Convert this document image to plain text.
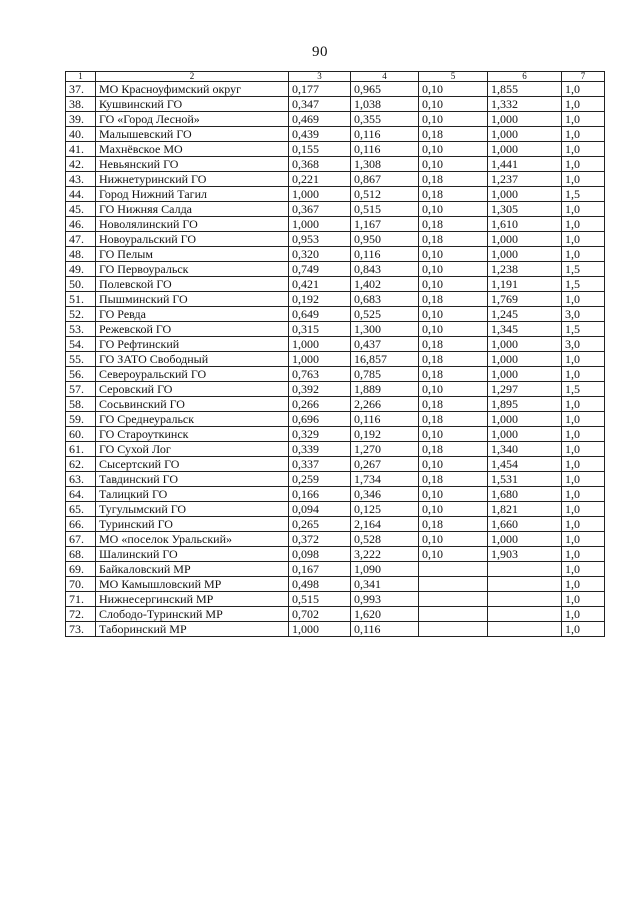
90
1	2	3	4	5	6	7
37.	МО Красноуфимский округ	0,177	0,965	0,10	1,855	1,0
38.	Кушвинский ГО	0,347	1,038	0,10	1,332	1,0
39.	ГО «Город Лесной»	0,469	0,355	0,10	1,000	1,0
40.	Малышевский ГО	0,439	0,116	0,18	1,000	1,0
41.	Махнёвское МО	0,155	0,116	0,10	1,000	1,0
42.	Невьянский ГО	0,368	1,308	0,10	1,441	1,0
43.	Нижнетуринский ГО	0,221	0,867	0,18	1,237	1,0
44.	Город Нижний Тагил	1,000	0,512	0,18	1,000	1,5
45.	ГО Нижняя Салда	0,367	0,515	0,10	1,305	1,0
46.	Новолялинский ГО	1,000	1,167	0,18	1,610	1,0
47.	Новоуральский ГО	0,953	0,950	0,18	1,000	1,0
48.	ГО Пелым	0,320	0,116	0,10	1,000	1,0
49.	ГО Первоуральск	0,749	0,843	0,10	1,238	1,5
50.	Полевской ГО	0,421	1,402	0,10	1,191	1,5
51.	Пышминский ГО	0,192	0,683	0,18	1,769	1,0
52.	ГО Ревда	0,649	0,525	0,10	1,245	3,0
53.	Режевской ГО	0,315	1,300	0,10	1,345	1,5
54.	ГО Рефтинский	1,000	0,437	0,18	1,000	3,0
55.	ГО ЗАТО Свободный	1,000	16,857	0,18	1,000	1,0
56.	Североуральский ГО	0,763	0,785	0,18	1,000	1,0
57.	Серовский ГО	0,392	1,889	0,10	1,297	1,5
58.	Сосьвинский ГО	0,266	2,266	0,18	1,895	1,0
59.	ГО Среднеуральск	0,696	0,116	0,18	1,000	1,0
60.	ГО Староуткинск	0,329	0,192	0,10	1,000	1,0
61.	ГО Сухой Лог	0,339	1,270	0,18	1,340	1,0
62.	Сысертский ГО	0,337	0,267	0,10	1,454	1,0
63.	Тавдинский ГО	0,259	1,734	0,18	1,531	1,0
64.	Талицкий ГО	0,166	0,346	0,10	1,680	1,0
65.	Тугулымский ГО	0,094	0,125	0,10	1,821	1,0
66.	Туринский ГО	0,265	2,164	0,18	1,660	1,0
67.	МО «поселок Уральский»	0,372	0,528	0,10	1,000	1,0
68.	Шалинский ГО	0,098	3,222	0,10	1,903	1,0
69.	Байкаловский МР	0,167	1,090			1,0
70.	МО Камышловский МР	0,498	0,341			1,0
71.	Нижнесергинский МР	0,515	0,993			1,0
72.	Слободо-Туринский МР	0,702	1,620			1,0
73.	Таборинский МР	1,000	0,116			1,0
